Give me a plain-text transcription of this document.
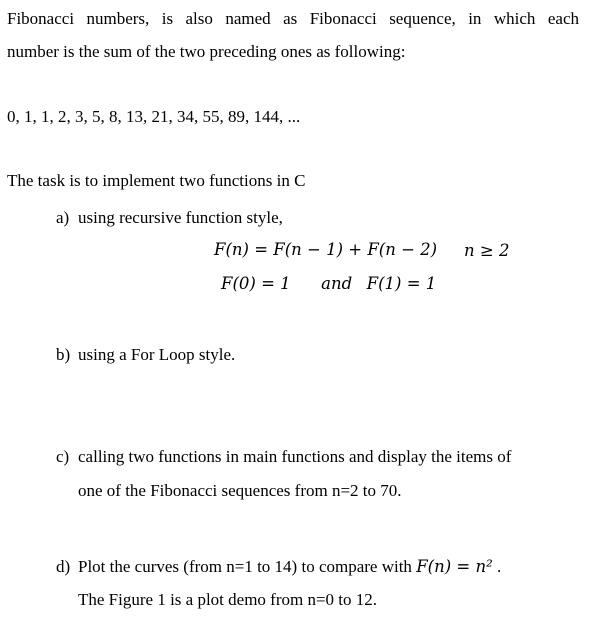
Fibonacci numbers, is also named as Fibonacci sequence, in which each
number is the sum of the two preceding ones as following:
0, 1, 1, 2, 3, 5, 8, 13, 21, 34, 55, 89, 144, ...
The task is to implement two functions in C
a) using recursive function style,
F(n) = F(n − 1) + F(n − 2) n ≥ 2
F(0) = 1 and F(1) = 1
b) using a For Loop style.
c) calling two functions in main functions and display the items of
one of the Fibonacci sequences from n=2 to 70.
d) Plot the curves (from n=1 to 14) to compare with F(n) = n² .
The Figure 1 is a plot demo from n=0 to 12.
